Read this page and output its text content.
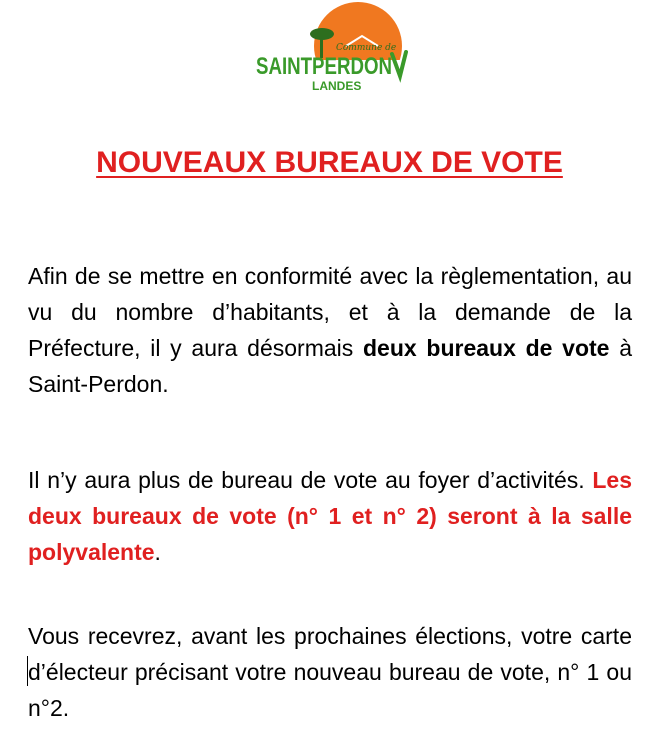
Commune de
SAINTPERDON
LANDES
NOUVEAUX BUREAUX DE VOTE

Afin de se mettre en conformité avec la règlementation, au vu du nombre d’habitants, et à la demande de la Préfecture, il y aura désormais deux bureaux de vote à Saint-Perdon.

Il n’y aura plus de bureau de vote au foyer d’activités. Les deux bureaux de vote (n° 1 et n° 2) seront à la salle polyvalente.

Vous recevrez, avant les prochaines élections, votre carte d’électeur précisant votre nouveau bureau de vote, n° 1 ou n°2.
